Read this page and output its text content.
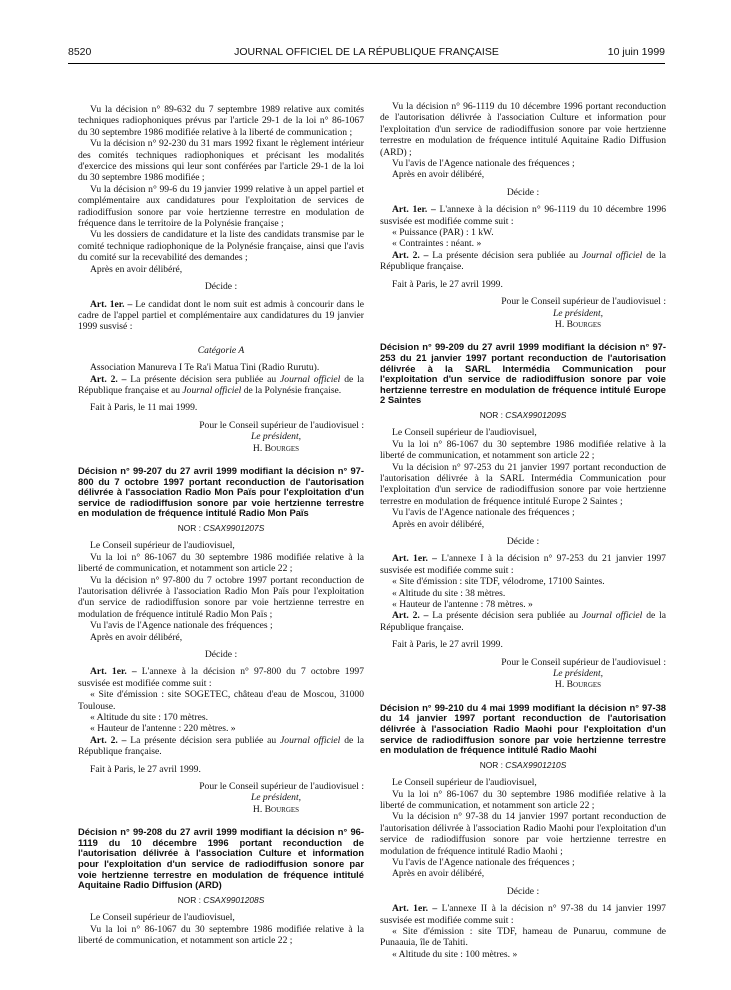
8520	JOURNAL OFFICIEL DE LA RÉPUBLIQUE FRANÇAISE	10 juin 1999

Vu la décision n° 89-632 du 7 septembre 1989 relative aux comités techniques radiophoniques prévus par l'article 29-1 de la loi n° 86-1067 du 30 septembre 1986 modifiée relative à la liberté de communication ;

Vu la décision n° 92-230 du 31 mars 1992 fixant le règlement intérieur des comités techniques radiophoniques et précisant les modalités d'exercice des missions qui leur sont conférées par l'article 29-1 de la loi du 30 septembre 1986 modifiée ;

Vu la décision n° 99-6 du 19 janvier 1999 relative à un appel partiel et complémentaire aux candidatures pour l'exploitation de services de radiodiffusion sonore par voie hertzienne terrestre en modulation de fréquence dans le territoire de la Polynésie française ;

Vu les dossiers de candidature et la liste des candidats transmise par le comité technique radiophonique de la Polynésie française, ainsi que l'avis du comité sur la recevabilité des demandes ;

Après en avoir délibéré,

Décide :

Art. 1er. – Le candidat dont le nom suit est admis à concourir dans le cadre de l'appel partiel et complémentaire aux candidatures du 19 janvier 1999 susvisé :

Catégorie A

Association Manureva I Te Ra'i Matua Tini (Radio Rurutu).

Art. 2. – La présente décision sera publiée au Journal officiel de la République française et au Journal officiel de la Polynésie française.

Fait à Paris, le 11 mai 1999.

Pour le Conseil supérieur de l'audiovisuel :

Le président,

H. Bourges

Décision n° 99-207 du 27 avril 1999 modifiant la décision n° 97-800 du 7 octobre 1997 portant reconduction de l'autorisation délivrée à l'association Radio Mon Païs pour l'exploitation d'un service de radiodiffusion sonore par voie hertzienne terrestre en modulation de fréquence intitulé Radio Mon Païs

NOR : CSAX9901207S

Le Conseil supérieur de l'audiovisuel,

Vu la loi n° 86-1067 du 30 septembre 1986 modifiée relative à la liberté de communication, et notamment son article 22 ;

Vu la décision n° 97-800 du 7 octobre 1997 portant reconduction de l'autorisation délivrée à l'association Radio Mon Païs pour l'exploitation d'un service de radiodiffusion sonore par voie hertzienne terrestre en modulation de fréquence intitulé Radio Mon Païs ;

Vu l'avis de l'Agence nationale des fréquences ;

Après en avoir délibéré,

Décide :

Art. 1er. – L'annexe à la décision n° 97-800 du 7 octobre 1997 susvisée est modifiée comme suit :

« Site d'émission : site SOGETEC, château d'eau de Moscou, 31000 Toulouse.

« Altitude du site : 170 mètres.

« Hauteur de l'antenne : 220 mètres. »

Art. 2. – La présente décision sera publiée au Journal officiel de la République française.

Fait à Paris, le 27 avril 1999.

Pour le Conseil supérieur de l'audiovisuel :

Le président,

H. Bourges

Décision n° 99-208 du 27 avril 1999 modifiant la décision n° 96-1119 du 10 décembre 1996 portant reconduction de l'autorisation délivrée à l'association Culture et information pour l'exploitation d'un service de radiodiffusion sonore par voie hertzienne terrestre en modulation de fréquence intitulé Aquitaine Radio Diffusion (ARD)

NOR : CSAX9901208S

Le Conseil supérieur de l'audiovisuel,

Vu la loi n° 86-1067 du 30 septembre 1986 modifiée relative à la liberté de communication, et notamment son article 22 ;

Vu la décision n° 96-1119 du 10 décembre 1996 portant reconduction de l'autorisation délivrée à l'association Culture et information pour l'exploitation d'un service de radiodiffusion sonore par voie hertzienne terrestre en modulation de fréquence intitulé Aquitaine Radio Diffusion (ARD) ;

Vu l'avis de l'Agence nationale des fréquences ;

Après en avoir délibéré,

Décide :

Art. 1er. – L'annexe à la décision n° 96-1119 du 10 décembre 1996 susvisée est modifiée comme suit :

« Puissance (PAR) : 1 kW.

« Contraintes : néant. »

Art. 2. – La présente décision sera publiée au Journal officiel de la République française.

Fait à Paris, le 27 avril 1999.

Pour le Conseil supérieur de l'audiovisuel :

Le président,

H. Bourges

Décision n° 99-209 du 27 avril 1999 modifiant la décision n° 97-253 du 21 janvier 1997 portant reconduction de l'autorisation délivrée à la SARL Intermédia Communication pour l'exploitation d'un service de radiodiffusion sonore par voie hertzienne terrestre en modulation de fréquence intitulé Europe 2 Saintes

NOR : CSAX9901209S

Le Conseil supérieur de l'audiovisuel,

Vu la loi n° 86-1067 du 30 septembre 1986 modifiée relative à la liberté de communication, et notamment son article 22 ;

Vu la décision n° 97-253 du 21 janvier 1997 portant reconduction de l'autorisation délivrée à la SARL Intermédia Communication pour l'exploitation d'un service de radiodiffusion sonore par voie hertzienne terrestre en modulation de fréquence intitulé Europe 2 Saintes ;

Vu l'avis de l'Agence nationale des fréquences ;

Après en avoir délibéré,

Décide :

Art. 1er. – L'annexe I à la décision n° 97-253 du 21 janvier 1997 susvisée est modifiée comme suit :

« Site d'émission : site TDF, vélodrome, 17100 Saintes.

« Altitude du site : 38 mètres.

« Hauteur de l'antenne : 78 mètres. »

Art. 2. – La présente décision sera publiée au Journal officiel de la République française.

Fait à Paris, le 27 avril 1999.

Pour le Conseil supérieur de l'audiovisuel :

Le président,

H. Bourges

Décision n° 99-210 du 4 mai 1999 modifiant la décision n° 97-38 du 14 janvier 1997 portant reconduction de l'autorisation délivrée à l'association Radio Maohi pour l'exploitation d'un service de radiodiffusion sonore par voie hertzienne terrestre en modulation de fréquence intitulé Radio Maohi

NOR : CSAX9901210S

Le Conseil supérieur de l'audiovisuel,

Vu la loi n° 86-1067 du 30 septembre 1986 modifiée relative à la liberté de communication, et notamment son article 22 ;

Vu la décision n° 97-38 du 14 janvier 1997 portant reconduction de l'autorisation délivrée à l'association Radio Maohi pour l'exploitation d'un service de radiodiffusion sonore par voie hertzienne terrestre en modulation de fréquence intitulé Radio Maohi ;

Vu l'avis de l'Agence nationale des fréquences ;

Après en avoir délibéré,

Décide :

Art. 1er. – L'annexe II à la décision n° 97-38 du 14 janvier 1997 susvisée est modifiée comme suit :

« Site d'émission : site TDF, hameau de Punaruu, commune de Punaauia, île de Tahiti.

« Altitude du site : 100 mètres. »
